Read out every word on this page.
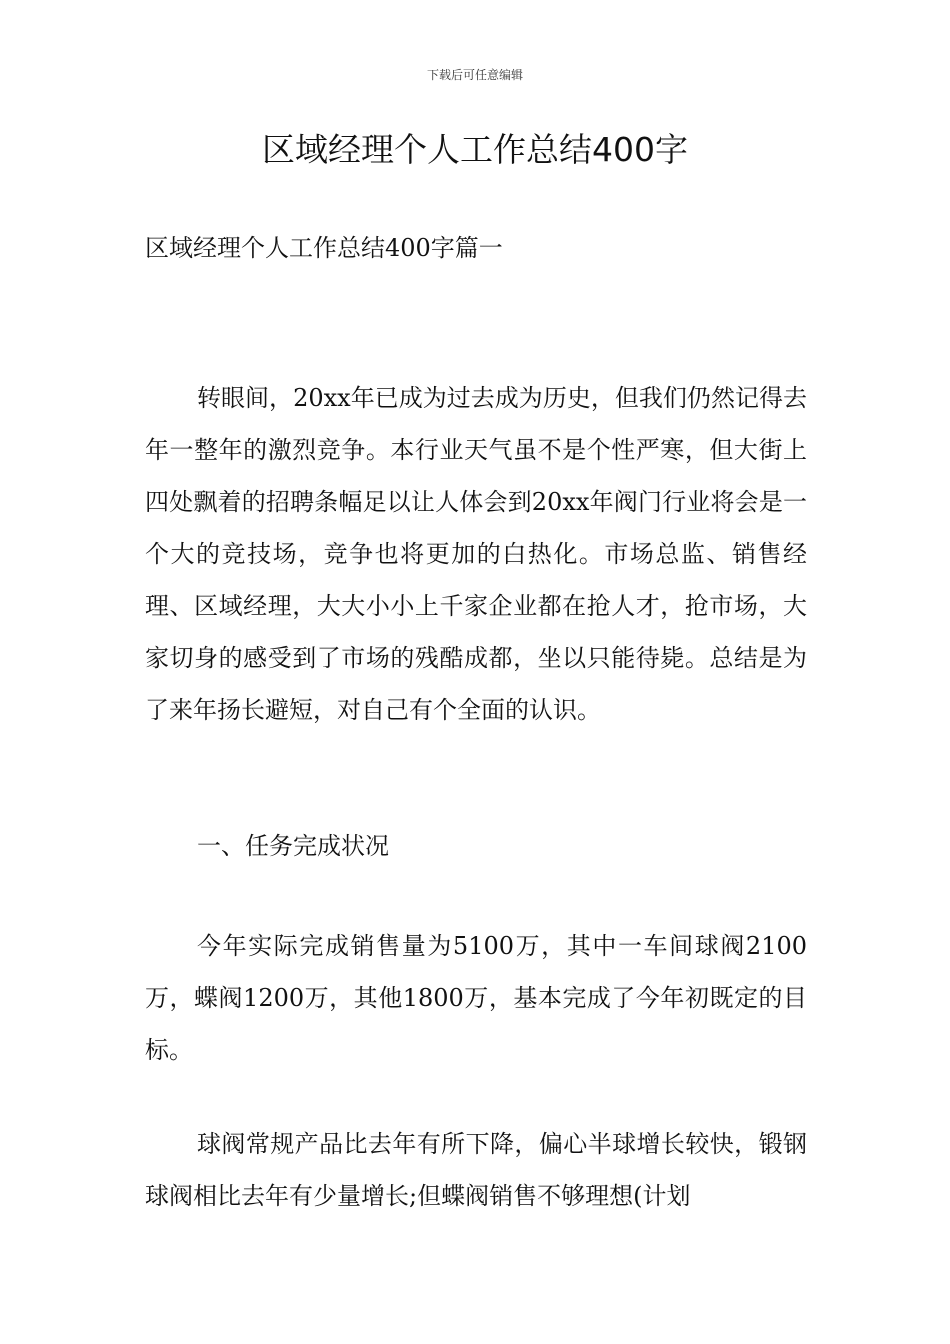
下载后可任意编辑
区域经理个人工作总结400字
区域经理个人工作总结400字篇一

转眼间，20xx年已成为过去成为历史，但我们仍然记得去年一整年的激烈竞争。本行业天气虽不是个性严寒，但大街上四处飘着的招聘条幅足以让人体会到20xx年阀门行业将会是一个大的竞技场，竞争也将更加的白热化。市场总监、销售经理、区域经理，大大小小上千家企业都在抢人才，抢市场，大家切身的感受到了市场的残酷成都，坐以只能待毙。总结是为了来年扬长避短，对自己有个全面的认识。

一、任务完成状况

今年实际完成销售量为5100万，其中一车间球阀2100万，蝶阀1200万，其他1800万，基本完成了今年初既定的目标。

球阀常规产品比去年有所下降，偏心半球增长较快，锻钢球阀相比去年有少量增长;但蝶阀销售不够理想(计划
